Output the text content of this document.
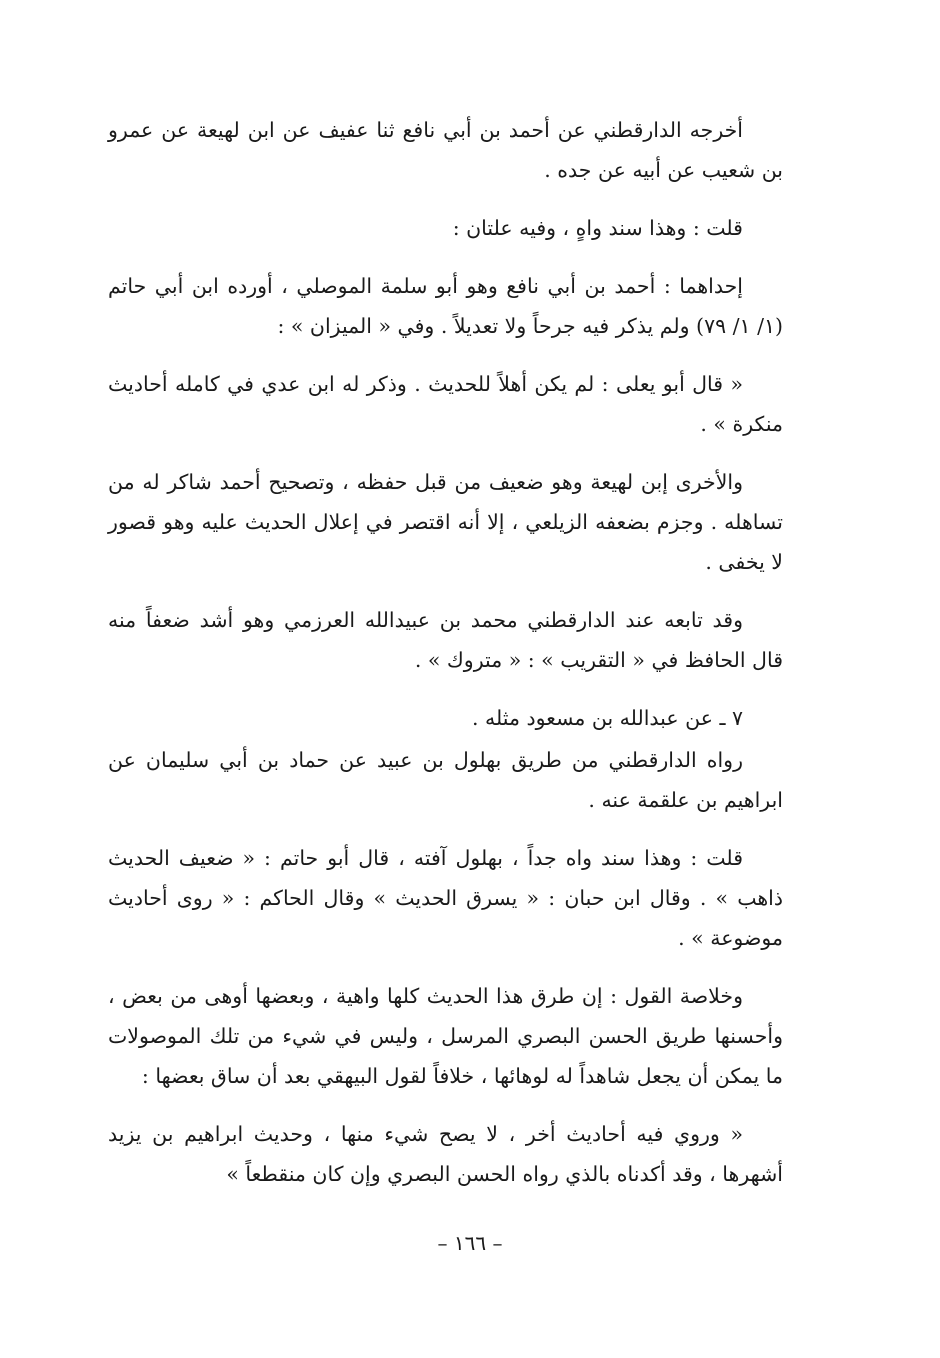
أخرجه الدارقطني عن أحمد بن أبي نافع ثنا عفيف عن ابن لهيعة عن عمرو بن شعيب عن أبيه عن جده .

قلت : وهذا سند واهٍ ، وفيه علتان :

إحداهما : أحمد بن أبي نافع وهو أبو سلمة الموصلي ، أورده ابن أبي حاتم (١/ ١/ ٧٩) ولم يذكر فيه جرحاً ولا تعديلاً . وفي « الميزان » :

« قال أبو يعلى : لم يكن أهلاً للحديث . وذكر له ابن عدي في كامله أحاديث منكرة » .

والأخرى إبن لهيعة وهو ضعيف من قبل حفظه ، وتصحيح أحمد شاكر له من تساهله . وجزم بضعفه الزيلعي ، إلا أنه اقتصر في إعلال الحديث عليه وهو قصور لا يخفى .

وقد تابعه عند الدارقطني محمد بن عبيدالله العرزمي وهو أشد ضعفاً منه قال الحافظ في « التقريب » : « متروك » .

٧ ـ عن عبدالله بن مسعود مثله .

رواه الدارقطني من طريق بهلول بن عبيد عن حماد بن أبي سليمان عن ابراهيم بن علقمة عنه .

قلت : وهذا سند واه جداً ، بهلول آفته ، قال أبو حاتم : « ضعيف الحديث ذاهب » . وقال ابن حبان : « يسرق الحديث » وقال الحاكم : « روى أحاديث موضوعة » .

وخلاصة القول : إن طرق هذا الحديث كلها واهية ، وبعضها أوهى من بعض ، وأحسنها طريق الحسن البصري المرسل ، وليس في شيء من تلك الموصولات ما يمكن أن يجعل شاهداً له لوهائها ، خلافاً لقول البيهقي بعد أن ساق بعضها :

« وروي فيه أحاديث أخر ، لا يصح شيء منها ، وحديث ابراهيم بن يزيد أشهرها ، وقد أكدناه بالذي رواه الحسن البصري وإن كان منقطعاً »

– ١٦٦ –
